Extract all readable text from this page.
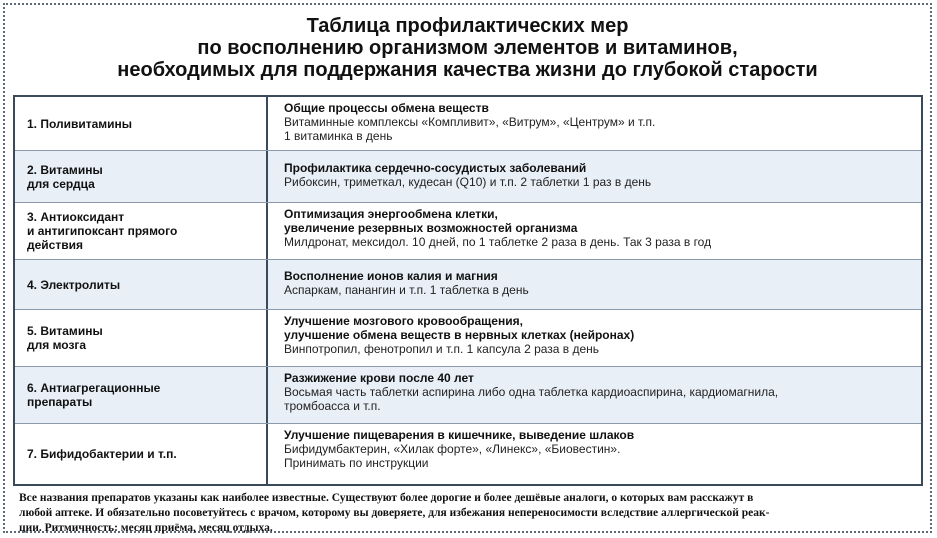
Таблица профилактических мер
по восполнению организмом элементов и витаминов,
необходимых для поддержания качества жизни до глубокой старости
1. Поливитамины
Общие процессы обмена веществ
Витаминные комплексы «Компливит», «Витрум», «Центрум» и т.п.
1 витаминка в день
2. Витамины
для сердца
Профилактика сердечно-сосудистых заболеваний
Рибоксин, триметкал, кудесан (Q10) и т.п. 2 таблетки 1 раз в день
3. Антиоксидант
и антигипоксант прямого
действия
Оптимизация энергообмена клетки,
увеличение резервных возможностей организма
Милдронат, мексидол. 10 дней, по 1 таблетке 2 раза в день. Так 3 раза в год
4. Электролиты
Восполнение ионов калия и магния
Аспаркам, панангин и т.п. 1 таблетка в день
5. Витамины
для мозга
Улучшение мозгового кровообращения,
улучшение обмена веществ в нервных клетках (нейронах)
Винпотропил, фенотропил и т.п. 1 капсула 2 раза в день
6. Антиагрегационные
препараты
Разжижение крови после 40 лет
Восьмая часть таблетки аспирина либо одна таблетка кардиоаспирина, кардиомагнила,
тромбоасса и т.п.
7. Бифидобактерии и т.п.
Улучшение пищеварения в кишечнике, выведение шлаков
Бифидумбактерин, «Хилак форте», «Линекс», «Биовестин».
Принимать по инструкции
Все названия препаратов указаны как наиболее известные. Существуют более дорогие и более дешёвые аналоги, о которых вам расскажут в
любой аптеке. И обязательно посоветуйтесь с врачом, которому вы доверяете, для избежания непереносимости вследствие аллергической реак-
ции. Ритмичность: месяц приёма, месяц отдыха.
